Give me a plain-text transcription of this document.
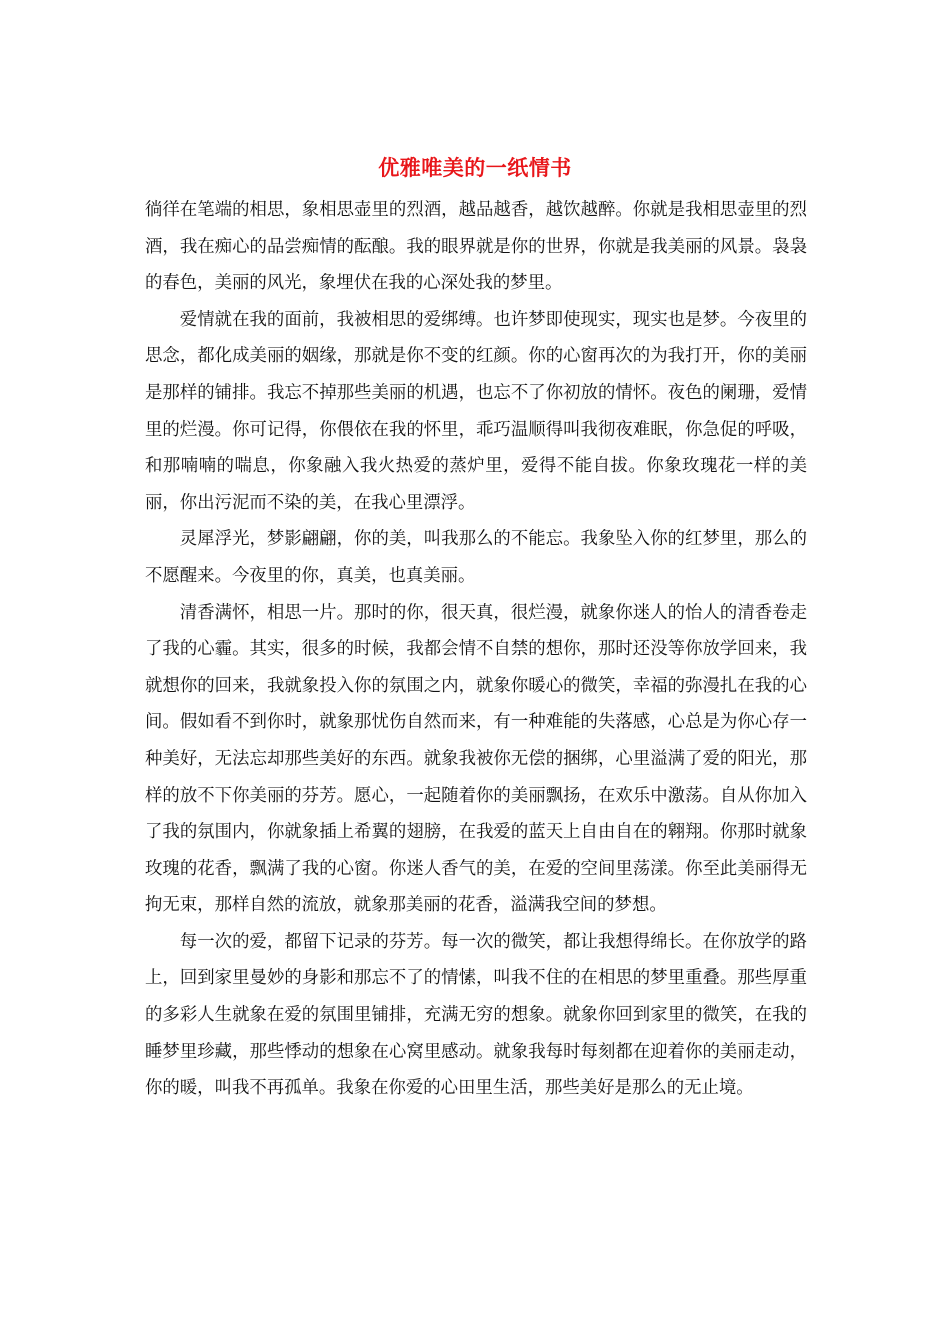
优雅唯美的一纸情书

徜徉在笔端的相思，象相思壶里的烈酒，越品越香，越饮越醉。你就是我相思壶里的烈酒，我在痴心的品尝痴情的酝酿。我的眼界就是你的世界，你就是我美丽的风景。袅袅的春色，美丽的风光，象埋伏在我的心深处我的梦里。

爱情就在我的面前，我被相思的爱绑缚。也许梦即使现实，现实也是梦。今夜里的思念，都化成美丽的姻缘，那就是你不变的红颜。你的心窗再次的为我打开，你的美丽是那样的铺排。我忘不掉那些美丽的机遇，也忘不了你初放的情怀。夜色的阑珊，爱情里的烂漫。你可记得，你偎依在我的怀里，乖巧温顺得叫我彻夜难眠，你急促的呼吸，和那喃喃的喘息，你象融入我火热爱的蒸炉里，爱得不能自拔。你象玫瑰花一样的美丽，你出污泥而不染的美，在我心里漂浮。

灵犀浮光，梦影翩翩，你的美，叫我那么的不能忘。我象坠入你的红梦里，那么的不愿醒来。今夜里的你，真美，也真美丽。

清香满怀，相思一片。那时的你，很天真，很烂漫，就象你迷人的怡人的清香卷走了我的心霾。其实，很多的时候，我都会情不自禁的想你，那时还没等你放学回来，我就想你的回来，我就象投入你的氛围之内，就象你暖心的微笑，幸福的弥漫扎在我的心间。假如看不到你时，就象那忧伤自然而来，有一种难能的失落感，心总是为你心存一种美好，无法忘却那些美好的东西。就象我被你无偿的捆绑，心里溢满了爱的阳光，那样的放不下你美丽的芬芳。愿心，一起随着你的美丽飘扬，在欢乐中激荡。自从你加入了我的氛围内，你就象插上希翼的翅膀，在我爱的蓝天上自由自在的翱翔。你那时就象玫瑰的花香，飘满了我的心窗。你迷人香气的美，在爱的空间里荡漾。你至此美丽得无拘无束，那样自然的流放，就象那美丽的花香，溢满我空间的梦想。

每一次的爱，都留下记录的芬芳。每一次的微笑，都让我想得绵长。在你放学的路上，回到家里曼妙的身影和那忘不了的情愫，叫我不住的在相思的梦里重叠。那些厚重的多彩人生就象在爱的氛围里铺排，充满无穷的想象。就象你回到家里的微笑，在我的睡梦里珍藏，那些悸动的想象在心窝里感动。就象我每时每刻都在迎着你的美丽走动，你的暖，叫我不再孤单。我象在你爱的心田里生活，那些美好是那么的无止境。
